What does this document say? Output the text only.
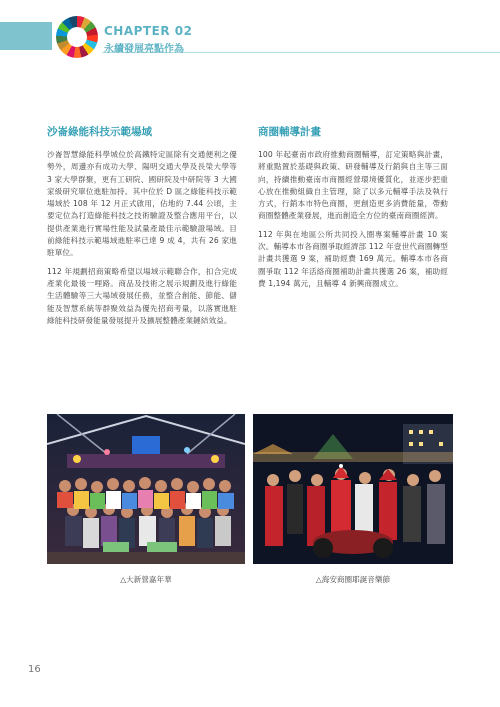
CHAPTER 02
永續發展亮點作為
沙崙綠能科技示範場域

沙崙智慧綠能科學城位於高鐵特定區除有交通便利之優勢外，周邊亦有成功大學、陽明交通大學及長榮大學等 3 家大學群聚，更有工研院、國研院及中研院等 3 大國家級研究單位進駐加持。其中位於 D 區之綠能科技示範場域於 108 年 12 月正式啟用，佔地約 7.44 公頃，主要定位為打造綠能科技之技術驗證及整合應用平台，以提供產業進行實場性能及試量產最佳示範驗證場域。目前綠能科技示範場域進駐率已達 9 成 4，共有 26 家進駐單位。

112 年規劃招商策略希望以場域示範聯合作，扣合完成產業化最後一哩路。商品及技術之展示規劃及進行綠能生活體驗等三大場域發展任務，並整合創能、節能、儲能及智慧系統等群聚效益為優先招商考量，以落實進駐綠能科技研發能量發展提升及擴展整體產業鏈結效益。

商圈輔導計畫

100 年起臺南市政府推動商圈輔導，訂定策略與計畫，將重點置於基礎與政策、研發輔導及行銷與自主等三面向，持續推動臺南市商圈經營環境優質化，並逐步把重心放在推動組織自主管理，除了以多元輔導手法及執行方式，行銷本市特色商圈，更創造更多消費能量，帶動商圈整體產業發展，進而創造全方位的臺南商圈經濟。

112 年與在地區公所共同投入圈專案輔導計畫 10 案次。輔導本市各商圈爭取經濟部 112 年壹世代商圈轉型計畫共獲選 9 案，補助經費 169 萬元。輔導本市各商圈爭取 112 年活絡商圈補助計畫共獲選 26 案，補助經費 1,194 萬元，且輔導 4 新興商圈成立。

△大新營嘉年華	△海安商圈耶誕音樂節
16
